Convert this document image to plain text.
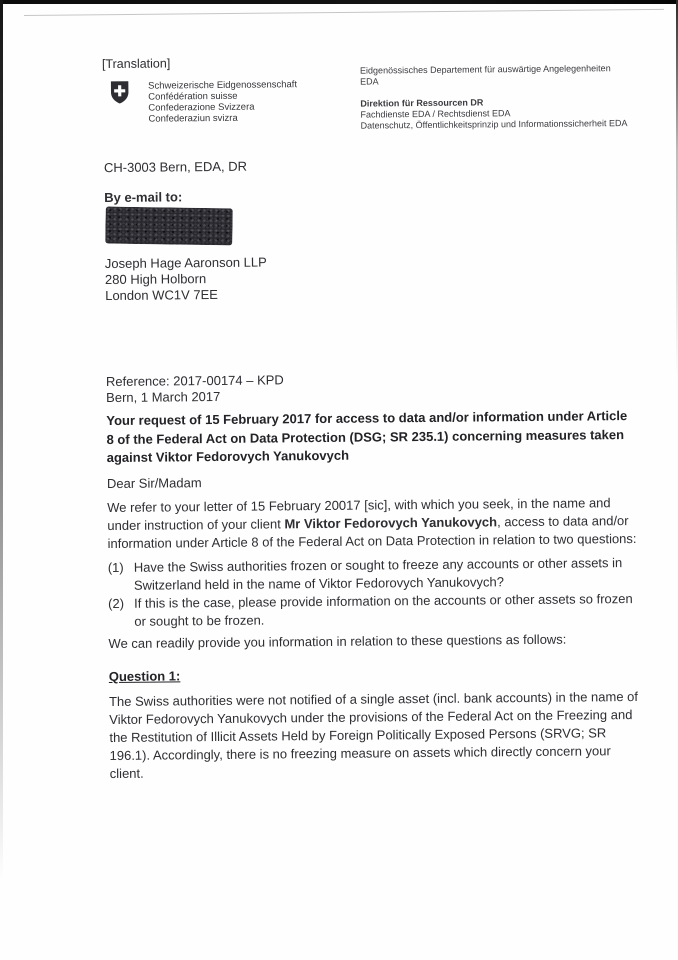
[Translation]
Schweizerische Eidgenossenschaft
Confédération suisse
Confederazione Svizzera
Confederaziun svizra
Eidgenössisches Departement für auswärtige Angelegenheiten EDA
Direktion für Ressourcen DR
Fachdienste EDA / Rechtsdienst EDA
Datenschutz, Öffentlichkeitsprinzip und Informationssicherheit EDA
CH-3003 Bern, EDA, DR
By e-mail to:
Joseph Hage Aaronson LLP
280 High Holborn
London WC1V 7EE
Reference: 2017-00174 – KPD
Bern, 1 March 2017
Your request of 15 February 2017 for access to data and/or information under Article 8 of the Federal Act on Data Protection (DSG; SR 235.1) concerning measures taken against Viktor Fedorovych Yanukovych
Dear Sir/Madam

We refer to your letter of 15 February 20017 [sic], with which you seek, in the name and under instruction of your client Mr Viktor Fedorovych Yanukovych, access to data and/or information under Article 8 of the Federal Act on Data Protection in relation to two questions:

(1) Have the Swiss authorities frozen or sought to freeze any accounts or other assets in Switzerland held in the name of Viktor Fedorovych Yanukovych?
(2) If this is the case, please provide information on the accounts or other assets so frozen or sought to be frozen.
We can readily provide you information in relation to these questions as follows:
Question 1:
The Swiss authorities were not notified of a single asset (incl. bank accounts) in the name of Viktor Fedorovych Yanukovych under the provisions of the Federal Act on the Freezing and the Restitution of Illicit Assets Held by Foreign Politically Exposed Persons (SRVG; SR 196.1). Accordingly, there is no freezing measure on assets which directly concern your client.
